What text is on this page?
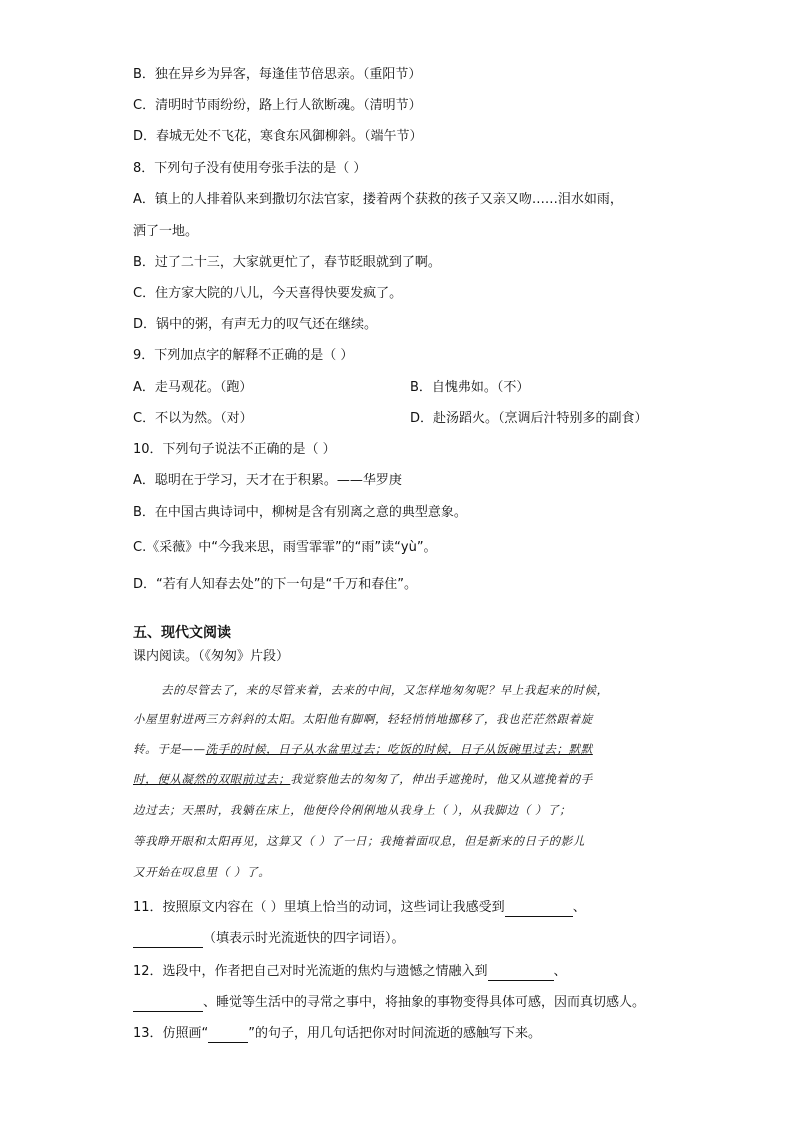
B．独在异乡为异客，每逢佳节倍思亲。（重阳节）
C．清明时节雨纷纷，路上行人欲断魂。（清明节）
D．春城无处不飞花，寒食东风御柳斜。（端午节）
8．下列句子没有使用夸张手法的是（ ）
A．镇上的人排着队来到撒切尔法官家，搂着两个获救的孩子又亲又吻……泪水如雨，
洒了一地。
B．过了二十三，大家就更忙了，春节眨眼就到了啊。
C．住方家大院的八儿，今天喜得快要发疯了。
D．锅中的粥，有声无力的叹气还在继续。
9．下列加点字的解释不正确的是（ ）
A．走马观花。（跑）	B．自愧弗如。（不）
C．不以为然。（对）	D．赴汤蹈火。（烹调后汁特别多的副食）
10．下列句子说法不正确的是（ ）
A．聪明在于学习，天才在于积累。——华罗庚
B．在中国古典诗词中，柳树是含有别离之意的典型意象。
C.《采薇》中“今我来思，雨雪霏霏”的“雨”读“yù”。
D．“若有人知春去处”的下一句是“千万和春住”。
五、现代文阅读
课内阅读。（《匆匆》片段）
去的尽管去了，来的尽管来着，去来的中间，又怎样地匆匆呢？早上我起来的时候，
小屋里射进两三方斜斜的太阳。太阳他有脚啊，轻轻悄悄地挪移了，我也茫茫然跟着旋
转。于是——洗手的时候，日子从水盆里过去；吃饭的时候，日子从饭碗里过去；默默
时，便从凝然的双眼前过去；我觉察他去的匆匆了，伸出手遮挽时，他又从遮挽着的手
边过去；天黑时，我躺在床上，他便伶伶俐俐地从我身上（ ），从我脚边（ ）了；
等我睁开眼和太阳再见，这算又（ ）了一日；我掩着面叹息，但是新来的日子的影儿
又开始在叹息里（ ）了。
11．按照原文内容在（ ）里填上恰当的动词，这些词让我感受到	、
（填表示时光流逝快的四字词语）。
12．选段中，作者把自己对时光流逝的焦灼与遗憾之情融入到	、
、睡觉等生活中的寻常之事中，将抽象的事物变得具体可感，因而真切感人。
13．仿照画“	”的句子，用几句话把你对时间流逝的感触写下来。
